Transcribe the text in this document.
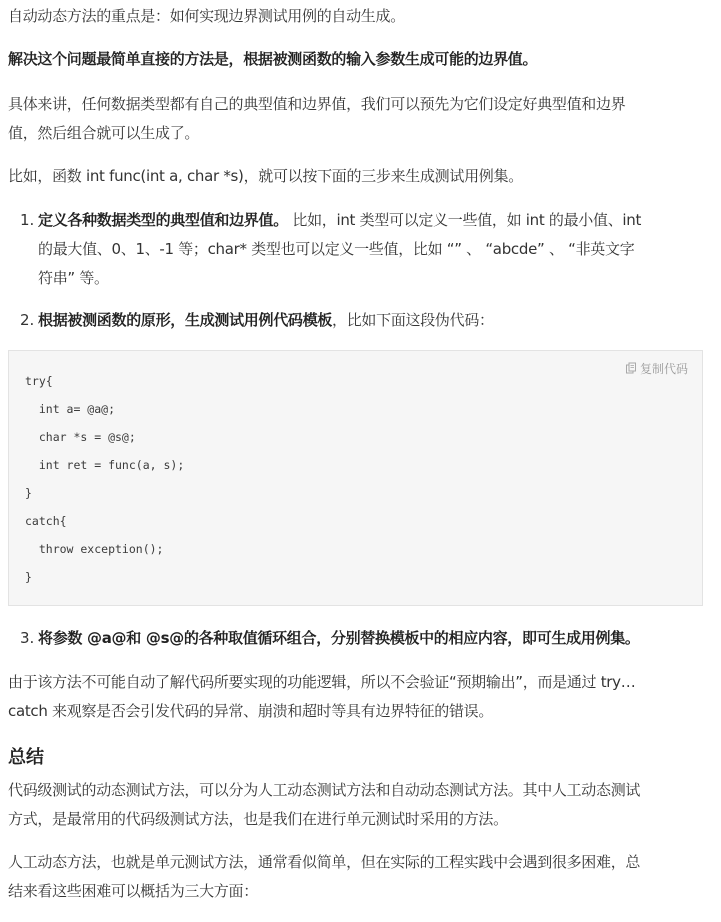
自动动态方法的重点是：如何实现边界测试用例的自动生成。
解决这个问题最简单直接的方法是，根据被测函数的输入参数生成可能的边界值。
具体来讲，任何数据类型都有自己的典型值和边界值，我们可以预先为它们设定好典型值和边界
值，然后组合就可以生成了。
比如，函数 int func(int a, char *s)，就可以按下面的三步来生成测试用例集。
1. 定义各种数据类型的典型值和边界值。 比如，int 类型可以定义一些值，如 int 的最小值、int
的最大值、0、1、-1 等；char* 类型也可以定义一些值，比如 “” 、 “abcde” 、 “非英文字
符串” 等。
2. 根据被测函数的原形，生成测试用例代码模板，比如下面这段伪代码：
复制代码
try{
int a= @a@;
char *s = @s@;
int ret = func(a, s);
}
catch{
throw exception();
}
3. 将参数 @a@和 @s@的各种取值循环组合，分别替换模板中的相应内容，即可生成用例集。
由于该方法不可能自动了解代码所要实现的功能逻辑，所以不会验证“预期输出”，而是通过 try…
catch 来观察是否会引发代码的异常、崩溃和超时等具有边界特征的错误。
总结
代码级测试的动态测试方法，可以分为人工动态测试方法和自动动态测试方法。其中人工动态测试
方式，是最常用的代码级测试方法，也是我们在进行单元测试时采用的方法。
人工动态方法，也就是单元测试方法，通常看似简单，但在实际的工程实践中会遇到很多困难，总
结来看这些困难可以概括为三大方面：
